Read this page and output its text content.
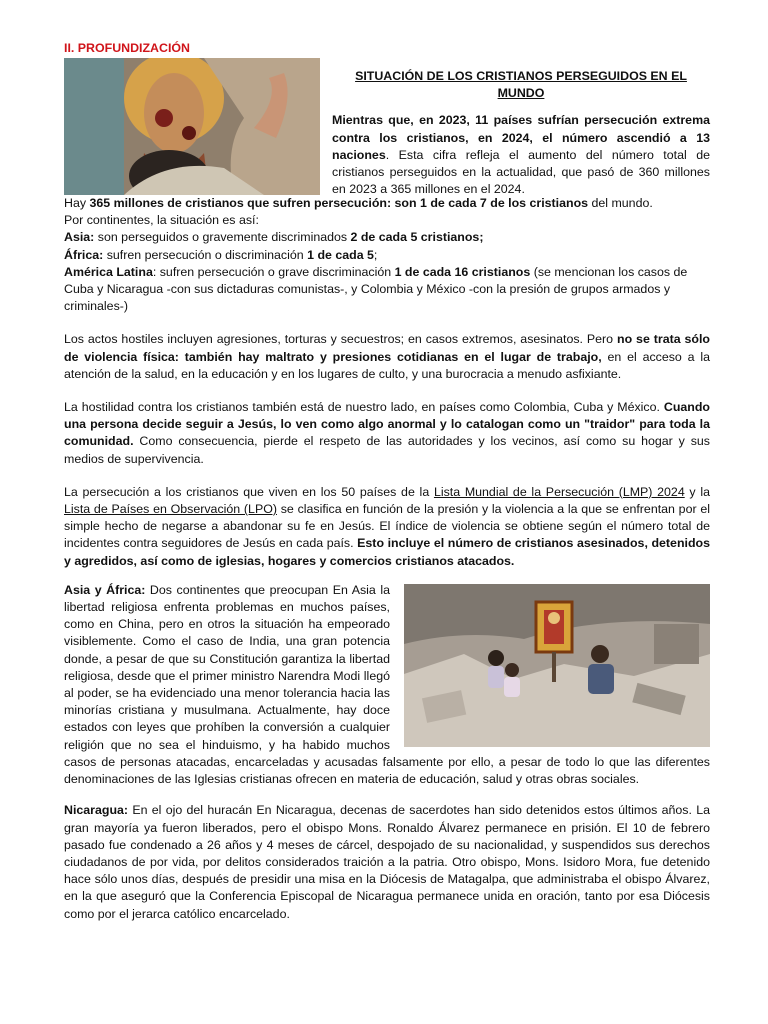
II. PROFUNDIZACIÓN

SITUACIÓN DE LOS CRISTIANOS PERSEGUIDOS EN EL MUNDO

Mientras que, en 2023, 11 países sufrían persecución extrema contra los cristianos, en 2024, el número ascendió a 13 naciones. Esta cifra refleja el aumento del número total de cristianos perseguidos en la actualidad, que pasó de 360 millones en 2023 a 365 millones en el 2024.

Hay 365 millones de cristianos que sufren persecución: son 1 de cada 7 de los cristianos del mundo.

Por continentes, la situación es así:

Asia: son perseguidos o gravemente discriminados 2 de cada 5 cristianos;

África: sufren persecución o discriminación 1 de cada 5;

América Latina: sufren persecución o grave discriminación 1 de cada 16 cristianos (se mencionan los casos de Cuba y Nicaragua -con sus dictaduras comunistas-, y Colombia y México -con la presión de grupos armados y criminales-)

Los actos hostiles incluyen agresiones, torturas y secuestros; en casos extremos, asesinatos. Pero no se trata sólo de violencia física: también hay maltrato y presiones cotidianas en el lugar de trabajo, en el acceso a la atención de la salud, en la educación y en los lugares de culto, y una burocracia a menudo asfixiante.

La hostilidad contra los cristianos también está de nuestro lado, en países como Colombia, Cuba y México. Cuando una persona decide seguir a Jesús, lo ven como algo anormal y lo catalogan como un "traidor" para toda la comunidad. Como consecuencia, pierde el respeto de las autoridades y los vecinos, así como su hogar y sus medios de supervivencia.

La persecución a los cristianos que viven en los 50 países de la Lista Mundial de la Persecución (LMP) 2024 y la Lista de Países en Observación (LPO) se clasifica en función de la presión y la violencia a la que se enfrentan por el simple hecho de negarse a abandonar su fe en Jesús. El índice de violencia se obtiene según el número total de incidentes contra seguidores de Jesús en cada país. Esto incluye el número de cristianos asesinados, detenidos y agredidos, así como de iglesias, hogares y comercios cristianos atacados.

Asia y África: Dos continentes que preocupan En Asia la libertad religiosa enfrenta problemas en muchos países, como en China, pero en otros la situación ha empeorado visiblemente. Como el caso de India, una gran potencia donde, a pesar de que su Constitución garantiza la libertad religiosa, desde que el primer ministro Narendra Modi llegó al poder, se ha evidenciado una menor tolerancia hacia las minorías cristiana y musulmana. Actualmente, hay doce estados con leyes que prohíben la conversión a cualquier religión que no sea el hinduismo, y ha habido muchos casos de personas atacadas, encarceladas y acusadas falsamente por ello, a pesar de todo lo que las diferentes denominaciones de las Iglesias cristianas ofrecen en materia de educación, salud y otras obras sociales.

Nicaragua: En el ojo del huracán En Nicaragua, decenas de sacerdotes han sido detenidos estos últimos años. La gran mayoría ya fueron liberados, pero el obispo Mons. Ronaldo Álvarez permanece en prisión. El 10 de febrero pasado fue condenado a 26 años y 4 meses de cárcel, despojado de su nacionalidad, y suspendidos sus derechos ciudadanos de por vida, por delitos considerados traición a la patria. Otro obispo, Mons. Isidoro Mora, fue detenido hace sólo unos días, después de presidir una misa en la Diócesis de Matagalpa, que administraba el obispo Álvarez, en la que aseguró que la Conferencia Episcopal de Nicaragua permanece unida en oración, tanto por esa Diócesis como por el jerarca católico encarcelado.
